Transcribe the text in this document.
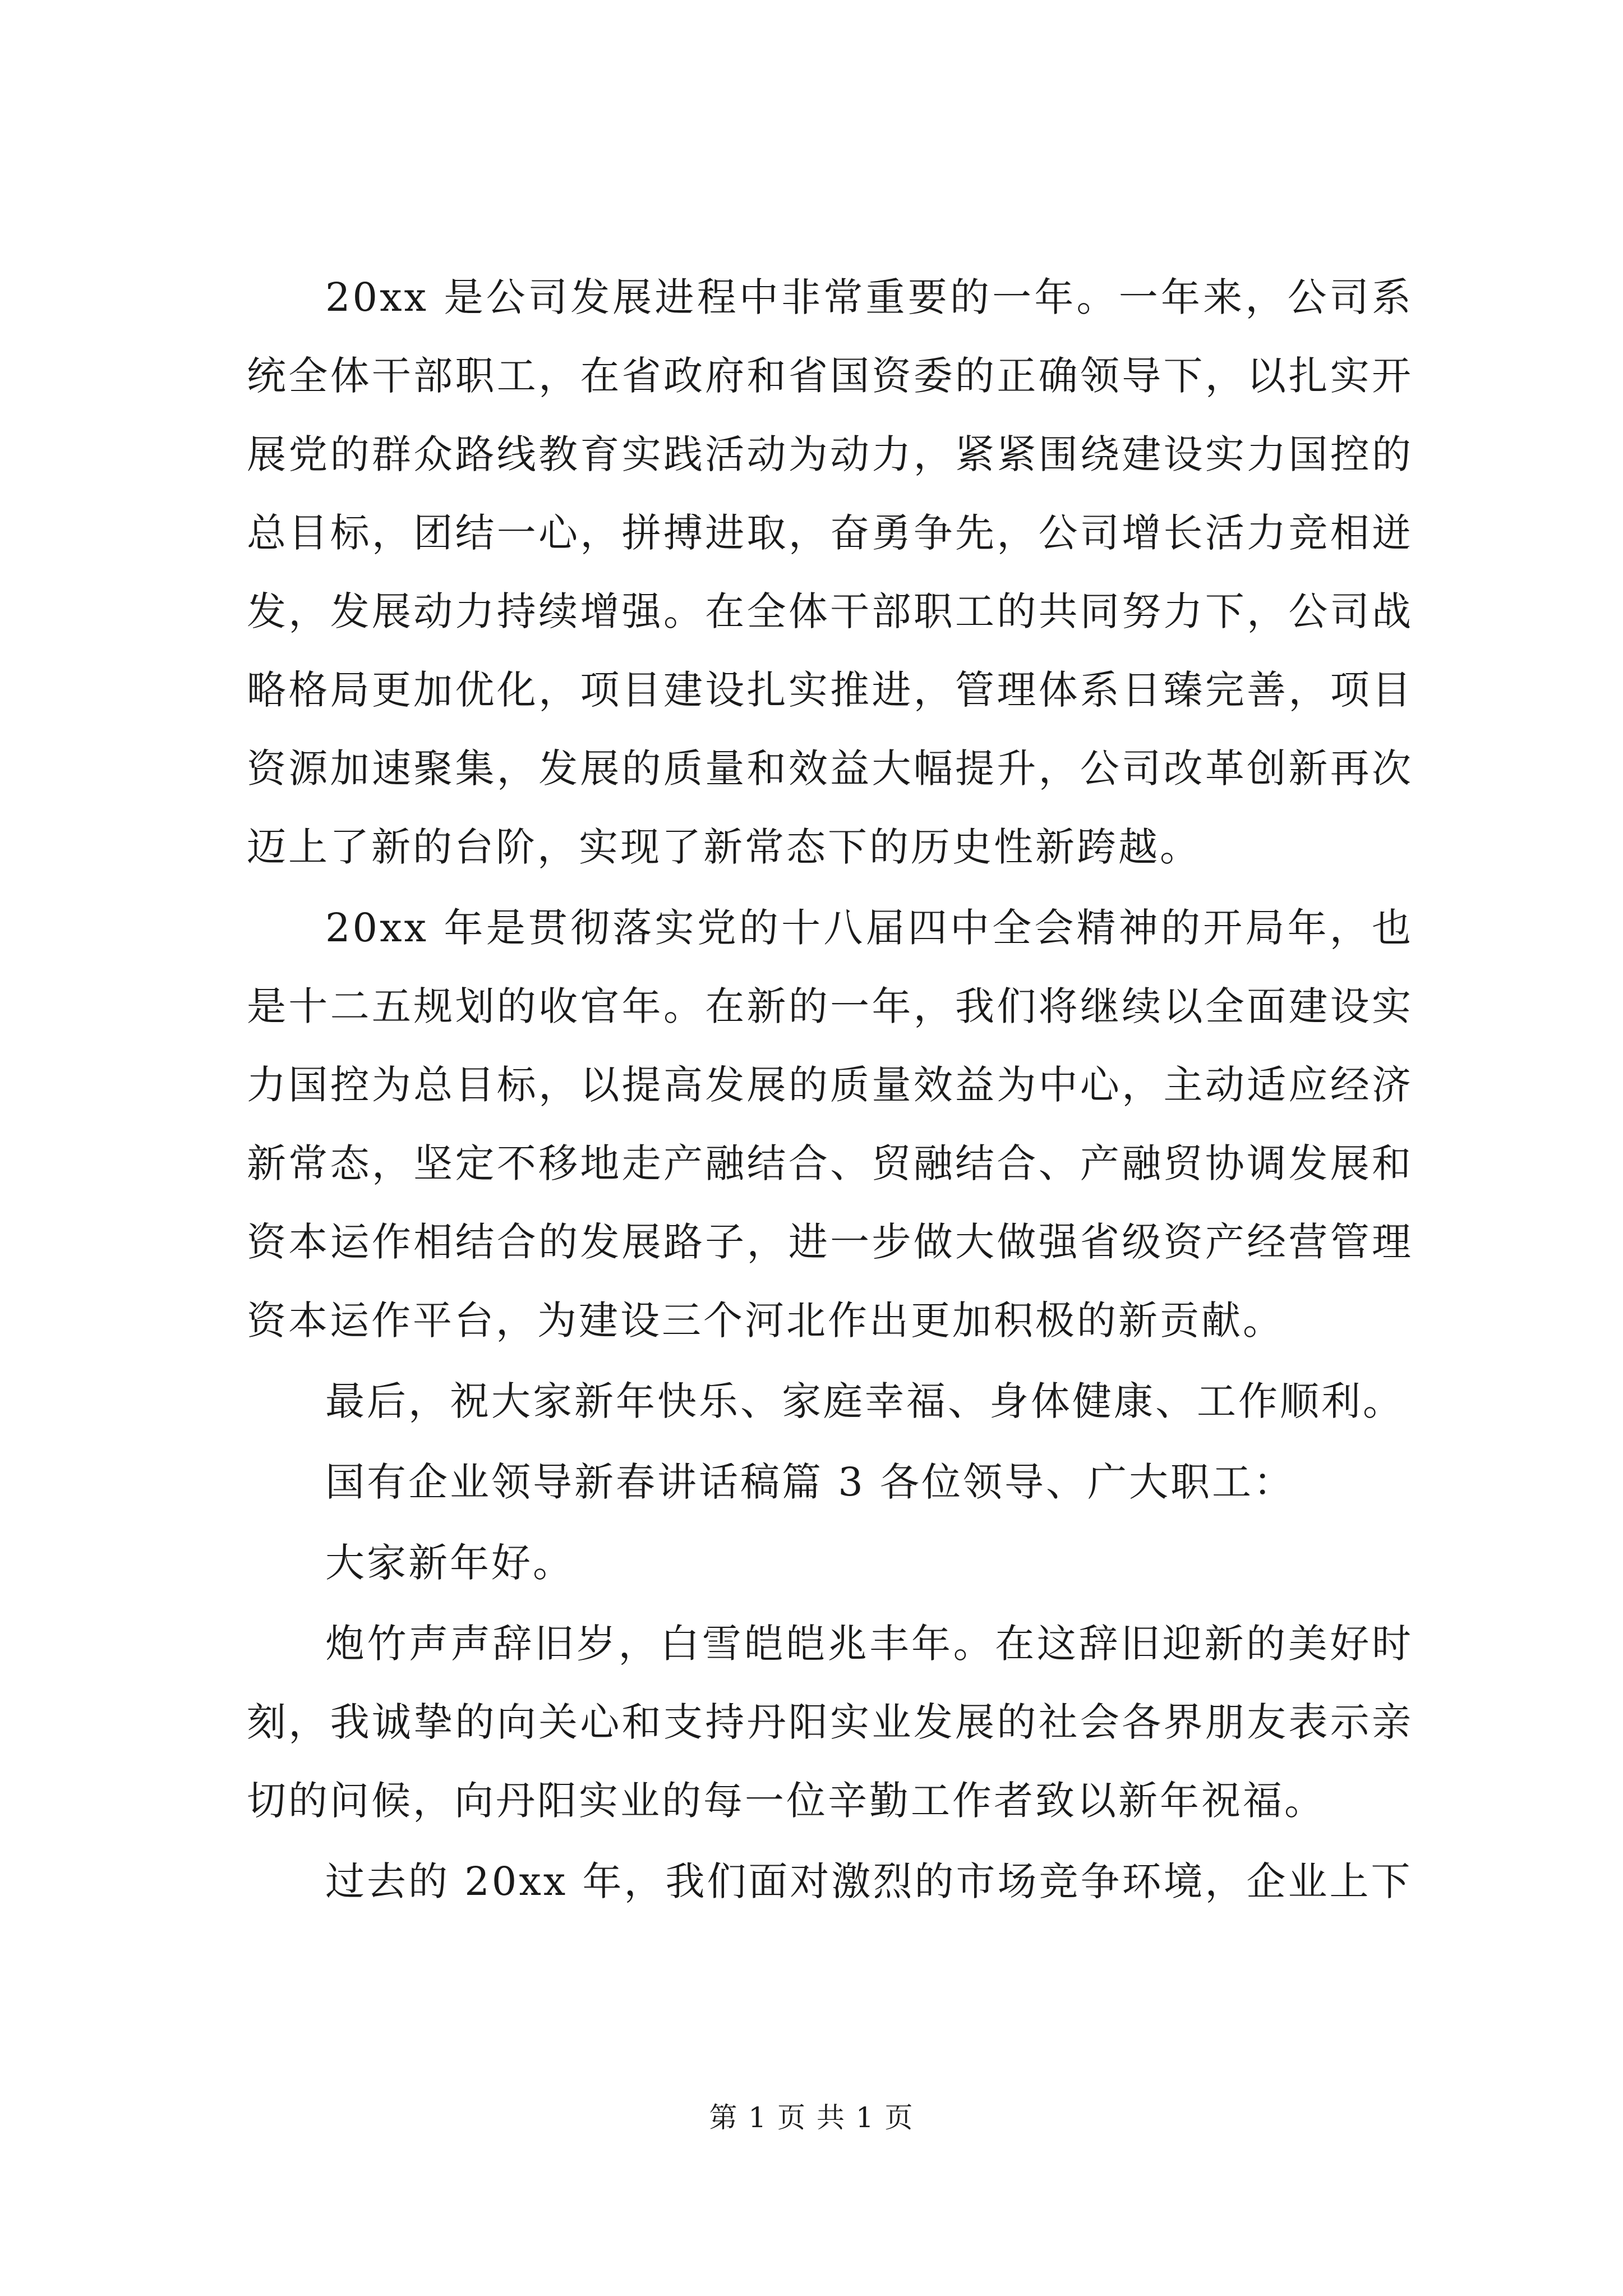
20xx 是公司发展进程中非常重要的一年。一年来，公司系统全体干部职工，在省政府和省国资委的正确领导下，以扎实开展党的群众路线教育实践活动为动力，紧紧围绕建设实力国控的总目标，团结一心，拼搏进取，奋勇争先，公司增长活力竞相迸发，发展动力持续增强。在全体干部职工的共同努力下，公司战略格局更加优化，项目建设扎实推进，管理体系日臻完善，项目资源加速聚集，发展的质量和效益大幅提升，公司改革创新再次迈上了新的台阶，实现了新常态下的历史性新跨越。

20xx 年是贯彻落实党的十八届四中全会精神的开局年，也是十二五规划的收官年。在新的一年，我们将继续以全面建设实力国控为总目标，以提高发展的质量效益为中心，主动适应经济新常态，坚定不移地走产融结合、贸融结合、产融贸协调发展和资本运作相结合的发展路子，进一步做大做强省级资产经营管理资本运作平台，为建设三个河北作出更加积极的新贡献。

最后，祝大家新年快乐、家庭幸福、身体健康、工作顺利。

国有企业领导新春讲话稿篇 3 各位领导、广大职工：

大家新年好。

炮竹声声辞旧岁，白雪皑皑兆丰年。在这辞旧迎新的美好时刻，我诚挚的向关心和支持丹阳实业发展的社会各界朋友表示亲切的问候，向丹阳实业的每一位辛勤工作者致以新年祝福。

过去的 20xx 年，我们面对激烈的市场竞争环境，企业上下

第 1 页 共 1 页
